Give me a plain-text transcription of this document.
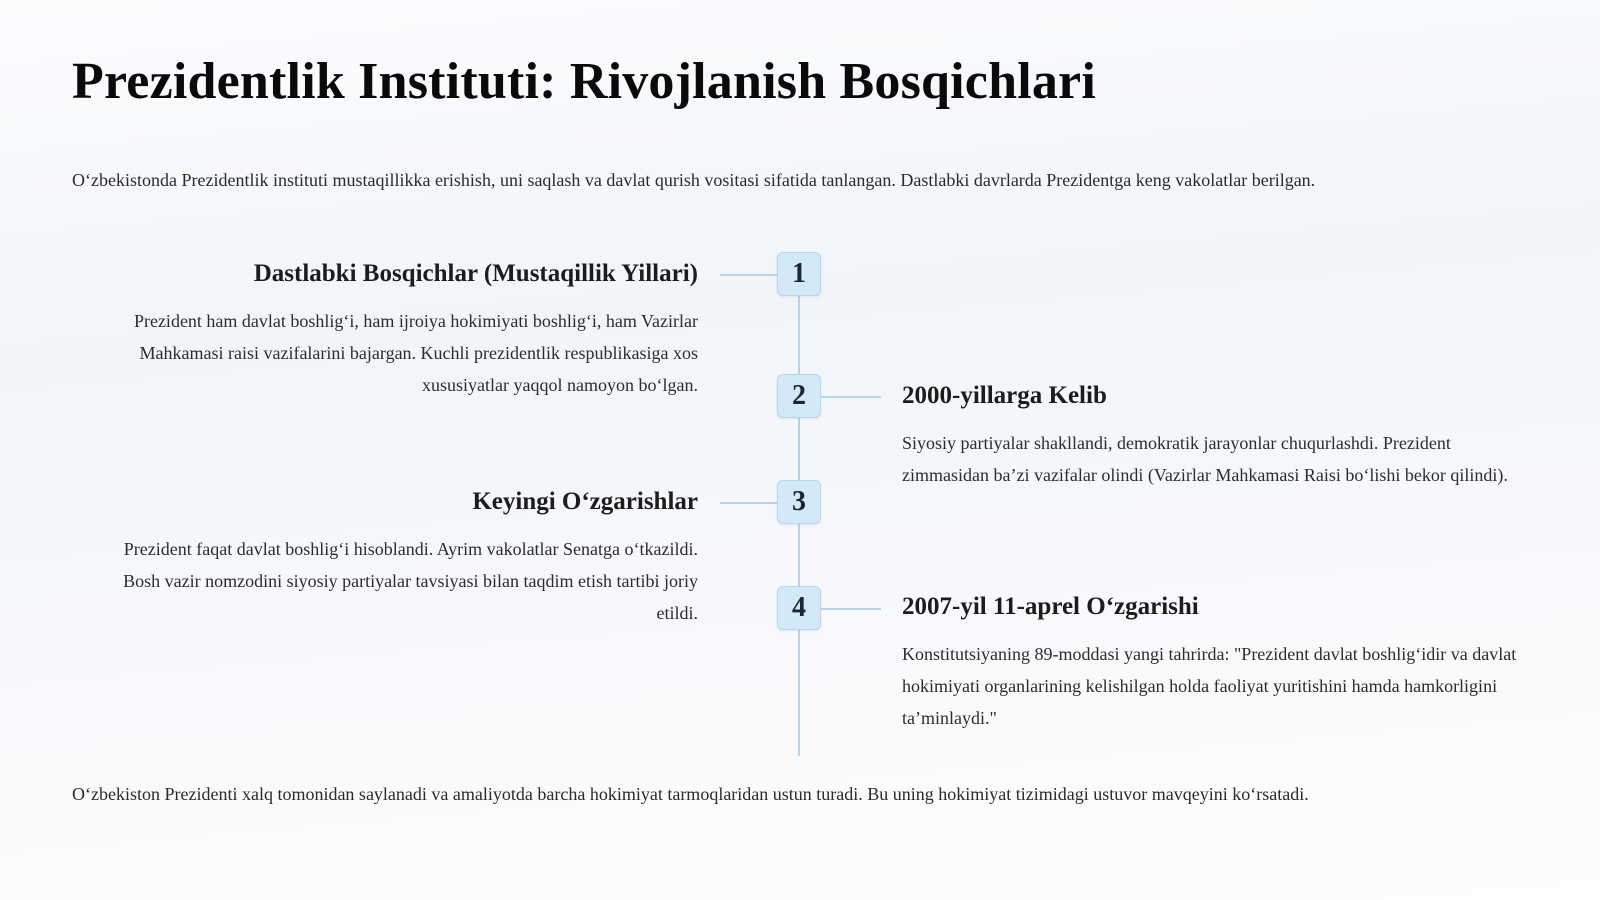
Prezidentlik Instituti: Rivojlanish Bosqichlari

O‘zbekistonda Prezidentlik instituti mustaqillikka erishish, uni saqlash va davlat qurish vositasi sifatida tanlangan. Dastlabki davrlarda Prezidentga keng vakolatlar berilgan.

1
Dastlabki Bosqichlar (Mustaqillik Yillari)

Prezident ham davlat boshlig‘i, ham ijroiya hokimiyati boshlig‘i, ham Vazirlar Mahkamasi raisi vazifalarini bajargan. Kuchli prezidentlik respublikasiga xos xususiyatlar yaqqol namoyon bo‘lgan.	2	2000-yillarga Kelib

Siyosiy partiyalar shakllandi, demokratik jarayonlar chuqurlashdi. Prezident zimmasidan ba’zi vazifalar olindi (Vazirlar Mahkamasi Raisi bo‘lishi bekor qilindi).

3
Keyingi O‘zgarishlar

Prezident faqat davlat boshlig‘i hisoblandi. Ayrim vakolatlar Senatga o‘tkazildi. Bosh vazir nomzodini siyosiy partiyalar tavsiyasi bilan taqdim etish tartibi joriy etildi.	4	2007-yil 11-aprel O‘zgarishi

Konstitutsiyaning 89-moddasi yangi tahrirda: "Prezident davlat boshlig‘idir va davlat hokimiyati organlarining kelishilgan holda faoliyat yuritishini hamda hamkorligini ta’minlaydi."

O‘zbekiston Prezidenti xalq tomonidan saylanadi va amaliyotda barcha hokimiyat tarmoqlaridan ustun turadi. Bu uning hokimiyat tizimidagi ustuvor mavqeyini ko‘rsatadi.
